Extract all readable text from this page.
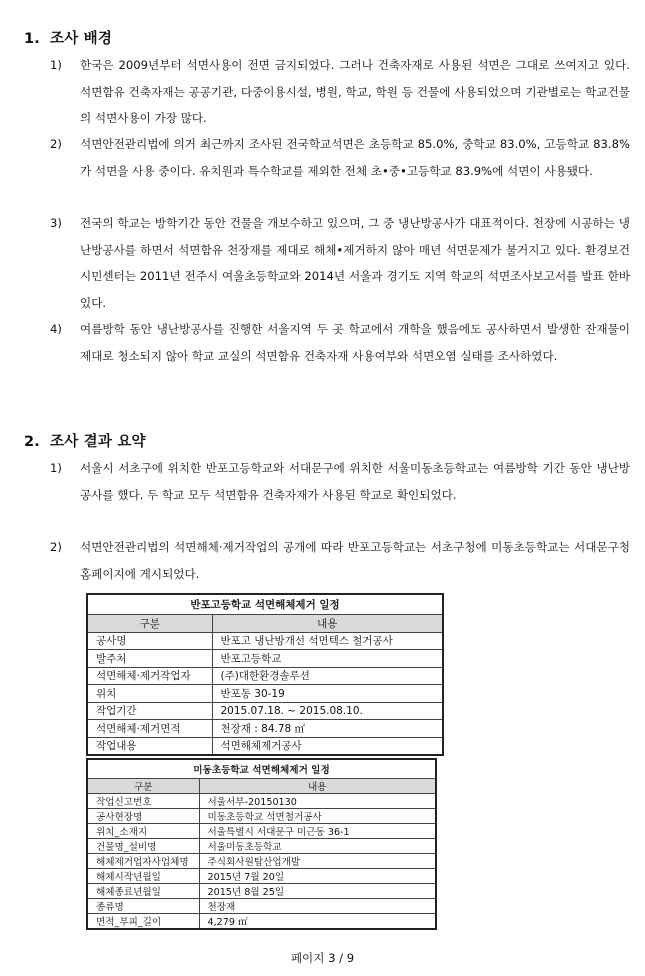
1. 조사 배경
1)	한국은 2009년부터 석면사용이 전면 금지되었다. 그러나 건축자재로 사용된 석면은 그대로 쓰여지고 있다. 석면함유 건축자재는 공공기관, 다중이용시설, 병원, 학교, 학원 등 건물에 사용되었으며 기관별로는 학교건물의 석면사용이 가장 많다.
2)	석면안전관리법에 의거 최근까지 조사된 전국학교석면은 초등학교 85.0%, 중학교 83.0%, 고등학교 83.8%가 석면을 사용 중이다. 유치원과 특수학교를 제외한 전체 초•중•고등학교 83.9%에 석면이 사용됐다.
3)	전국의 학교는 방학기간 동안 건물을 개보수하고 있으며, 그 중 냉난방공사가 대표적이다. 천장에 시공하는 냉난방공사를 하면서 석면함유 천장재를 제대로 해체•제거하지 않아 매년 석면문제가 불거지고 있다. 환경보건시민센터는 2011년 전주시 여울초등학교와 2014년 서울과 경기도 지역 학교의 석면조사보고서를 발표 한바 있다.
4)	여름방학 동안 냉난방공사를 진행한 서울지역 두 곳 학교에서 개학을 했음에도 공사하면서 발생한 잔재물이 제대로 청소되지 않아 학교 교실의 석면함유 건축자재 사용여부와 석면오염 실태를 조사하였다.
2. 조사 결과 요약
1)	서울시 서초구에 위치한 반포고등학교와 서대문구에 위치한 서울미동초등학교는 여름방학 기간 동안 냉난방공사를 했다. 두 학교 모두 석면함유 건축자재가 사용된 학교로 확인되었다.
2)	석면안전관리법의 석면해체·제거작업의 공개에 따라 반포고등학교는 서초구청에 미동초등학교는 서대문구청 홈페이지에 게시되었다.
반포고등학교 석면해체제거 일정	
구분	내용
공사명	반포고 냉난방개선 석면텍스 철거공사
발주처	반포고등학교
석면해체·제거작업자	(주)대한환경솔루션
위치	반포동 30-19
작업기간	2015.07.18. ~ 2015.08.10.
석면해체·제거면적	천장재 : 84.78 ㎡
작업내용	석면해체제거공사
미동초등학교 석면해체제거 일정	
구분	내용
작업신고번호	서울서부-20150130
공사현장명	미동초등학교 석면철거공사
위치_소재지	서울특별시 서대문구 미근동 36-1
건물명_설비명	서울미동초등학교
해체제거업자사업체명	주식회사원탑산업개발
해체시작년월일	2015년 7월 20일
해체종료년월일	2015년 8월 25일
종류명	천장재
면적_부피_길이	4,279 ㎡
페이지 3 / 9
